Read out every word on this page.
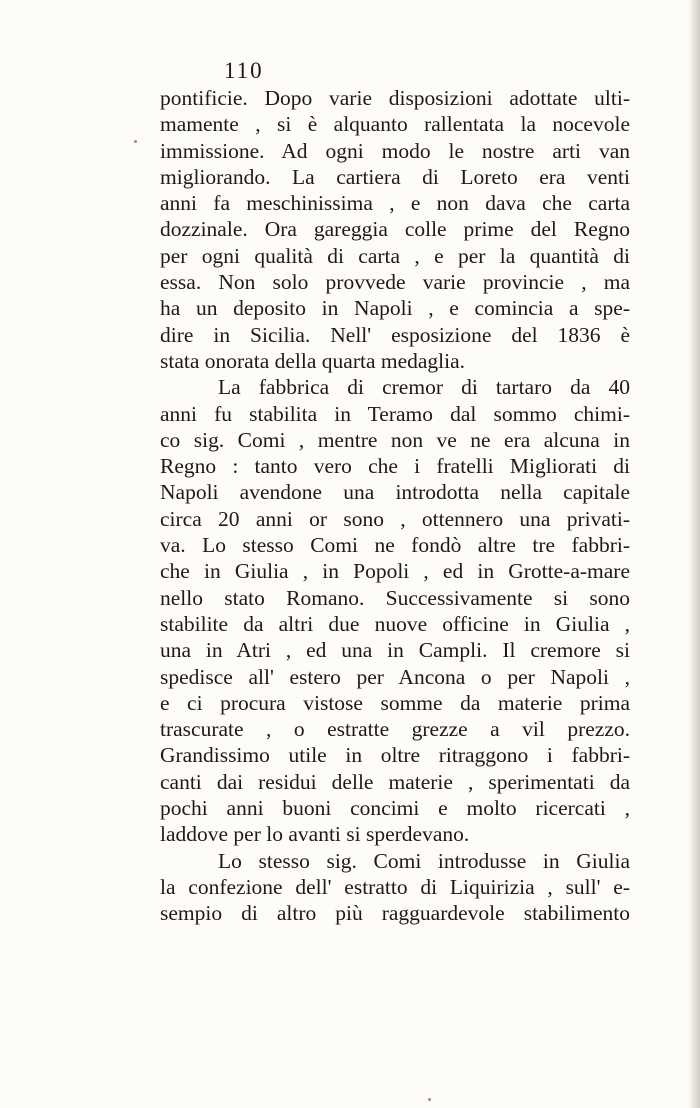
110
pontificie. Dopo varie disposizioni adottate ulti-
mamente , si è alquanto rallentata la nocevole
immissione. Ad ogni modo le nostre arti van
migliorando. La cartiera di Loreto era venti
anni fa meschinissima , e non dava che carta
dozzinale. Ora gareggia colle prime del Regno
per ogni qualità di carta , e per la quantità di
essa. Non solo provvede varie provincie , ma
ha un deposito in Napoli , e comincia a spe-
dire in Sicilia. Nell' esposizione del 1836 è
stata onorata della quarta medaglia.
La fabbrica di cremor di tartaro da 40
anni fu stabilita in Teramo dal sommo chimi-
co sig. Comi , mentre non ve ne era alcuna in
Regno : tanto vero che i fratelli Migliorati di
Napoli avendone una introdotta nella capitale
circa 20 anni or sono , ottennero una privati-
va. Lo stesso Comi ne fondò altre tre fabbri-
che in Giulia , in Popoli , ed in Grotte-a-mare
nello stato Romano. Successivamente si sono
stabilite da altri due nuove officine in Giulia ,
una in Atri , ed una in Campli. Il cremore si
spedisce all' estero per Ancona o per Napoli ,
e ci procura vistose somme da materie prima
trascurate , o estratte grezze a vil prezzo.
Grandissimo utile in oltre ritraggono i fabbri-
canti dai residui delle materie , sperimentati da
pochi anni buoni concimi e molto ricercati ,
laddove per lo avanti si sperdevano.
Lo stesso sig. Comi introdusse in Giulia
la confezione dell' estratto di Liquirizia , sull' e-
sempio di altro più ragguardevole stabilimento
